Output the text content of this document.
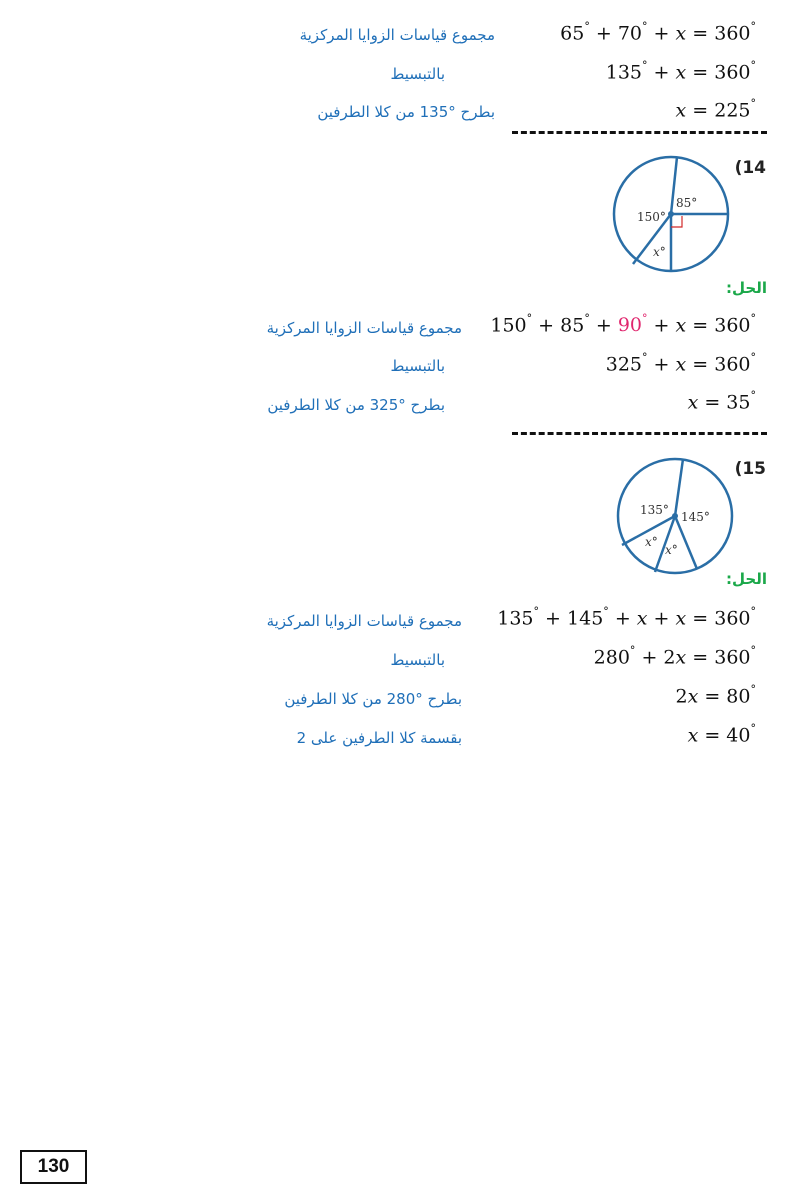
65° + 70° + x = 360°
مجموع قياسات الزوايا المركزية
135° + x = 360°
بالتبسيط
x = 225°
بطرح °135 من كلا الطرفين
(14
150°
85°
x°
الحل:
150° + 85° + 90° + x = 360°
مجموع قياسات الزوايا المركزية
325° + x = 360°
بالتبسيط
x = 35°
بطرح °325 من كلا الطرفين
(15
135° 145°
x°
x°
الحل:
135° + 145° + x + x = 360°
مجموع قياسات الزوايا المركزية
280° + 2x = 360°
بالتبسيط
2x = 80°
بطرح °280 من كلا الطرفين
x = 40°
بقسمة كلا الطرفين على 2
130
